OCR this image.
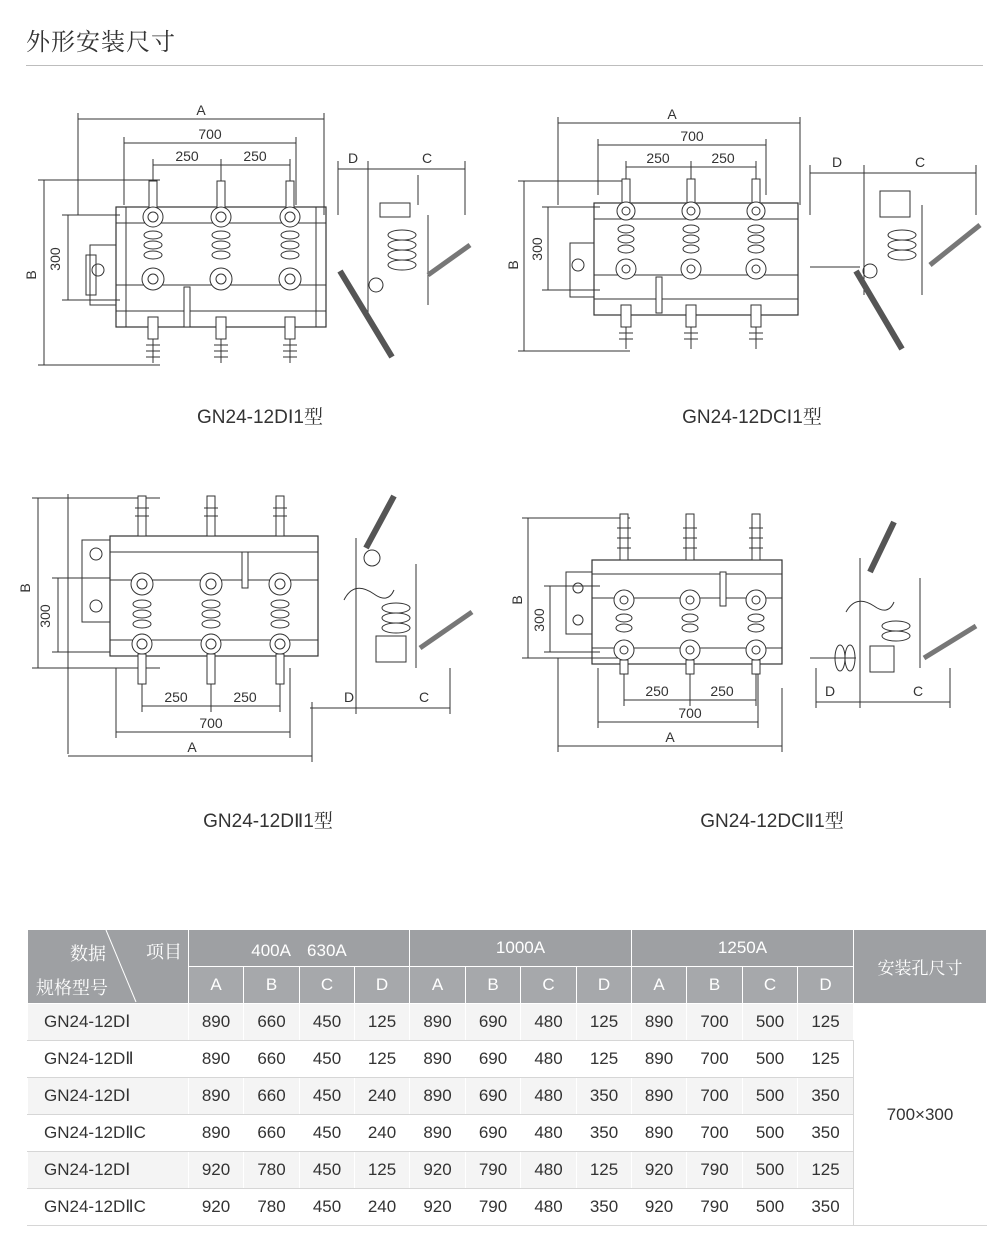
外形安装尺寸
A
700
250	250
B
300
D	C
GN24-12DⅠ1型
A
700
250	250
B
300
D	C
GN24-12DCⅠ1型
B
300
250	250
700
A
D	C
GN24-12DⅡ1型
B
300
250	250
700
A
D	C
GN24-12DCⅡ1型
数据 项目
规格型号	400A　630A				1000A				1250A				安装孔尺寸
	A	B	C	D	A	B	C	D	A	B	C	D	
GN24-12DⅠ	890	660	450	125	890	690	480	125	890	700	500	125	700×300
GN24-12DⅡ	890	660	450	125	890	690	480	125	890	700	500	125	
GN24-12DⅠ	890	660	450	240	890	690	480	350	890	700	500	350	
GN24-12DⅡC	890	660	450	240	890	690	480	350	890	700	500	350	
GN24-12DⅠ	920	780	450	125	920	790	480	125	920	790	500	125	
GN24-12DⅡC	920	780	450	240	920	790	480	350	920	790	500	350	
